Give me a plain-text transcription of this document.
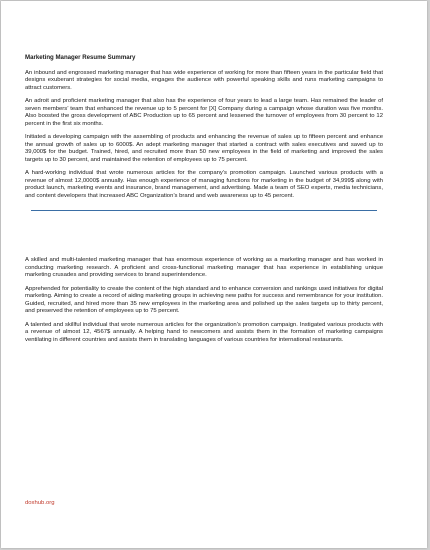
Marketing Manager Resume Summary

An inbound and engrossed marketing manager that has wide experience of working for more than fifteen years in the particular field that designs exuberant strategies for social media, engages the audience with powerful speaking skills and runs marketing campaigns to attract customers.

An adroit and proficient marketing manager that also has the experience of four years to lead a large team. Has remained the leader of seven members’ team that enhanced the revenue up to 5 percent for [X] Company during a campaign whose duration was five months. Also boosted the gross development of ABC Production up to 65 percent and lessened the turnover of employees from 30 percent to 12 percent in the first six months.

Initiated a developing campaign with the assembling of products and enhancing the revenue of sales up to fifteen percent and enhance the annual growth of sales up to 6000$. An adept marketing manager that started a contract with sales executives and saved up to 39,000$ for the budget. Trained, hired, and recruited more than 50 new employees in the field of marketing and improved the sales targets up to 30 percent, and maintained the retention of employees up to 75 percent.

A hard-working individual that wrote numerous articles for the company’s promotion campaign. Launched various products with a revenue of almost 12,0000$ annually. Has enough experience of managing functions for marketing in the budget of 34,999$ along with product launch, marketing events and insurance, brand management, and advertising. Made a team of SEO experts, media technicians, and content developers that increased ABC Organization’s brand and web awareness up to 45 percent.

A skilled and multi-talented marketing manager that has enormous experience of working as a marketing manager and has worked in conducting marketing research. A proficient and cross-functional marketing manager that has experience in establishing unique marketing crusades and providing services to brand superintendence.

Apprehended for potentiality to create the content of the high standard and to enhance conversion and rankings used initiatives for digital marketing. Aiming to create a record of aiding marketing groups in achieving new paths for success and remembrance for your institution. Guided, recruited, and hired more than 35 new employees in the marketing area and polished up the sales targets up to thirty percent, and preserved the retention of employees up to 75 percent.

A talented and skillful individual that wrote numerous articles for the organization’s promotion campaign. Instigated various products with a revenue of almost 12, 4567$ annually. A helping hand to newcomers and assists them in the formation of marketing campaigns ventilating in different countries and assists them in translating languages of various countries for international restaurants.

doxhub.org
